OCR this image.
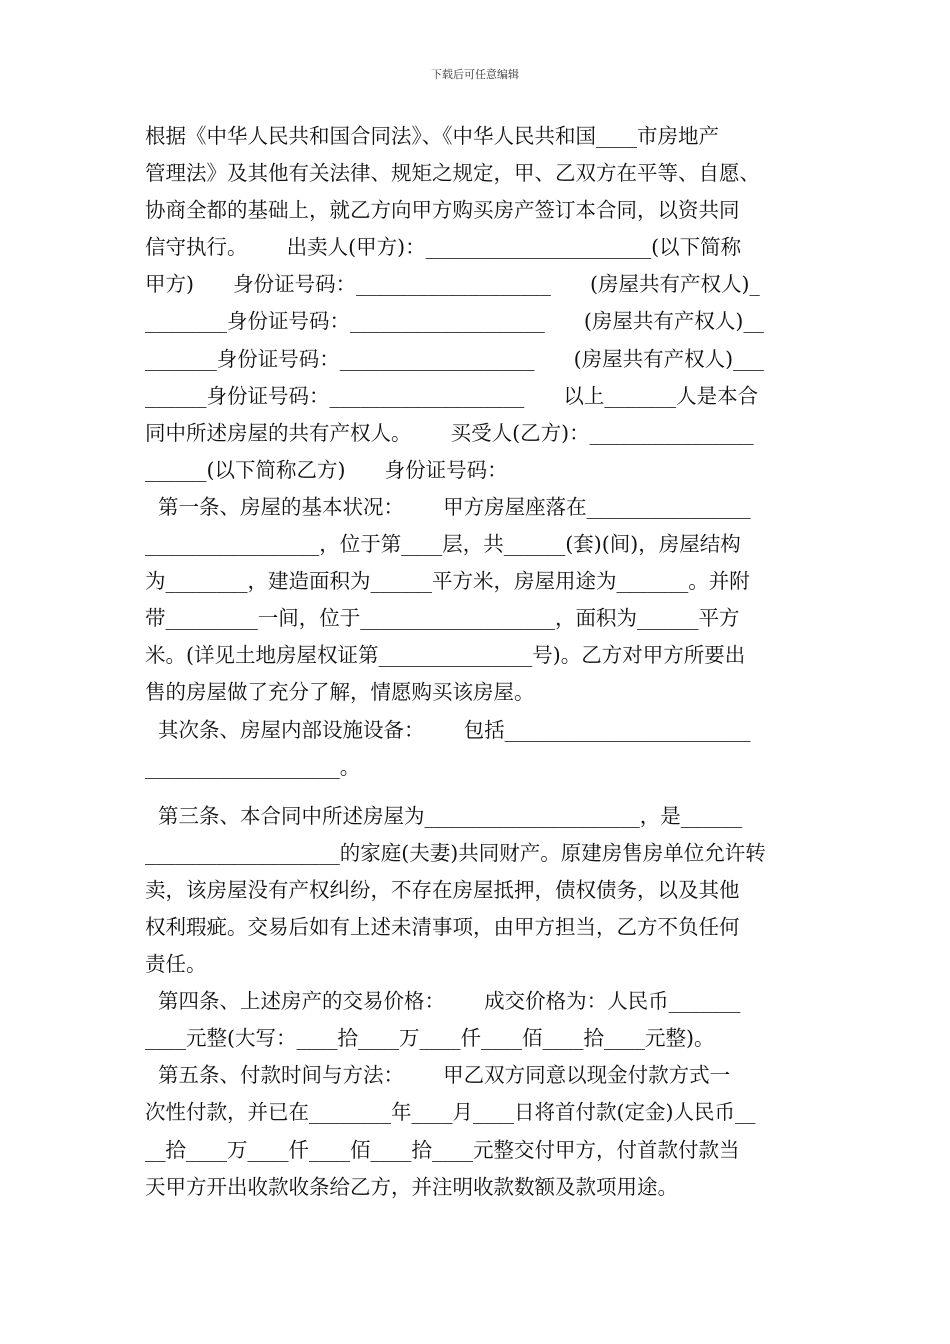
下载后可任意编辑
根据《中华人民共和国合同法》、《中华人民共和国____市房地产
管理法》及其他有关法律、规矩之规定，甲、乙双方在平等、自愿、
协商全都的基础上，就乙方向甲方购买房产签订本合同，以资共同
信守执行。      出卖人(甲方)：______________________(以下简称
甲方)      身份证号码：___________________      (房屋共有产权人)_
________身份证号码：___________________      (房屋共有产权人)__
_______身份证号码：___________________      (房屋共有产权人)___
______身份证号码：___________________      以上_______人是本合
同中所述房屋的共有产权人。      买受人(乙方)：________________
______(以下简称乙方)      身份证号码：
第一条、房屋的基本状况：      甲方房屋座落在________________
_________________，位于第____层，共______(套)(间)，房屋结构
为________，建造面积为______平方米，房屋用途为_______。并附
带_________一间，位于___________________，面积为______平方
米。(详见土地房屋权证第_______________号)。乙方对甲方所要出
售的房屋做了充分了解，情愿购买该房屋。
其次条、房屋内部设施设备：      包括________________________
___________________。
第三条、本合同中所述房屋为_____________________，是______
___________________的家庭(夫妻)共同财产。原建房售房单位允许转
卖，该房屋没有产权纠纷，不存在房屋抵押，债权债务，以及其他
权利瑕疵。交易后如有上述未清事项，由甲方担当，乙方不负任何
责任。
第四条、上述房产的交易价格：      成交价格为：人民币_______
____元整(大写：____拾____万____仟____佰____拾____元整)。
第五条、付款时间与方法：      甲乙双方同意以现金付款方式一
次性付款，并已在________年____月____日将首付款(定金)人民币__
__拾____万____仟____佰____拾____元整交付甲方，付首款付款当
天甲方开出收款收条给乙方，并注明收款数额及款项用途。
